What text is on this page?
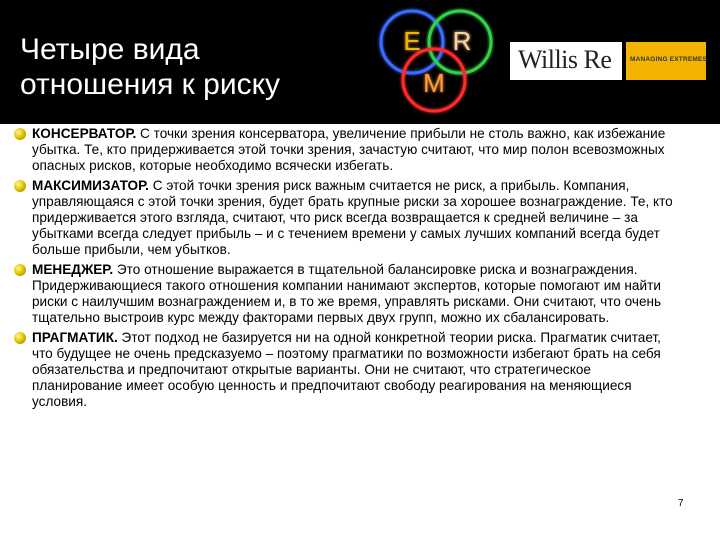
Четыре вида
отношения к риску
E R
M
Willis Re	MANAGING EXTREMES
КОНСЕРВАТОР. С точки зрения консерватора, увеличение прибыли не столь важно, как избежание убытка. Те, кто придерживается этой точки зрения, зачастую считают, что мир полон всевозможных опасных рисков, которые необходимо всячески избегать.
МАКСИМИЗАТОР. С этой точки зрения риск важным считается не риск, а прибыль. Компания, управляющаяся с этой точки зрения, будет брать крупные риски за хорошее вознаграждение. Те, кто придерживается этого взгляда, считают, что риск всегда возвращается к средней величине – за убытками всегда следует прибыль – и с течением времени у самых лучших компаний всегда будет больше прибыли, чем убытков.
МЕНЕДЖЕР. Это отношение выражается в тщательной балансировке риска и вознаграждения. Придерживающиеся такого отношения компании нанимают экспертов, которые помогают им найти риски с наилучшим вознаграждением и, в то же время, управлять рисками. Они считают, что очень тщательно выстроив курс между факторами первых двух групп, можно их сбалансировать.
ПРАГМАТИК. Этот подход не базируется ни на одной конкретной теории риска. Прагматик считает, что будущее не очень предсказуемо – поэтому прагматики по возможности избегают брать на себя обязательства и предпочитают открытые варианты. Они не считают, что стратегическое планирование имеет особую ценность и предпочитают свободу реагирования на меняющиеся условия.
7
